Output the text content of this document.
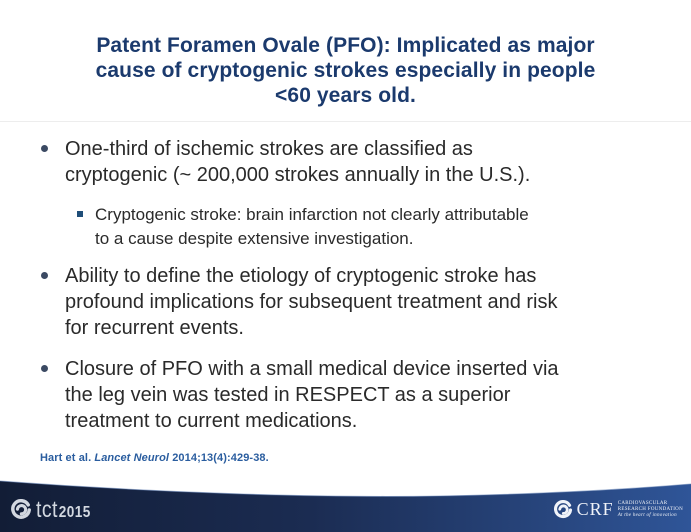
Patent Foramen Ovale (PFO): Implicated as major
cause of cryptogenic strokes especially in people
<60 years old.
One-third of ischemic strokes are classified as
cryptogenic (~ 200,000 strokes annually in the U.S.).
Cryptogenic stroke: brain infarction not clearly attributable
to a cause despite extensive investigation.
Ability to define the etiology of cryptogenic stroke has
profound implications for subsequent treatment and risk
for recurrent events.
Closure of PFO with a small medical device inserted via
the leg vein was tested in RESPECT as a superior
treatment to current medications.
Hart et al. Lancet Neurol 2014;13(4):429-38.
tct 2015	CRF CARDIOVASCULAR
RESEARCH FOUNDATION
At the heart of innovation
